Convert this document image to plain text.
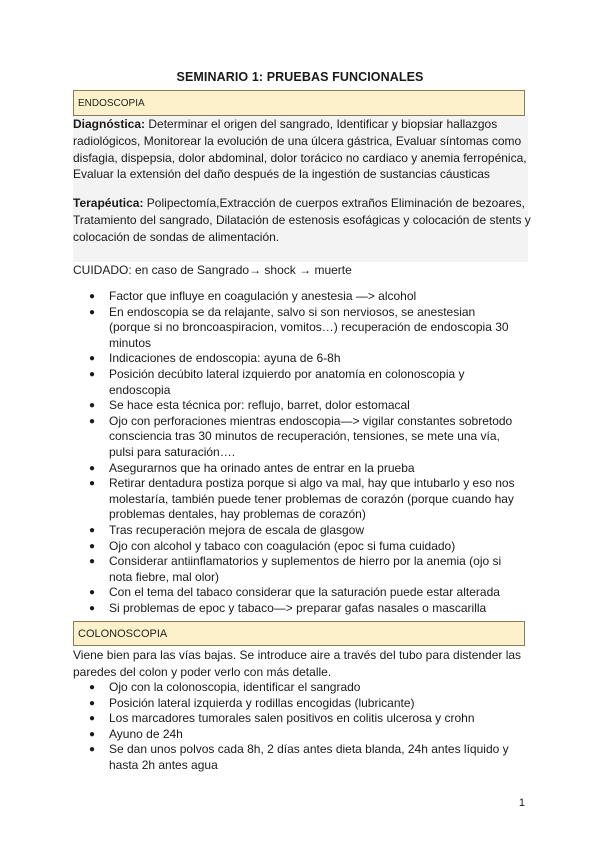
SEMINARIO 1: PRUEBAS FUNCIONALES
ENDOSCOPIA
Diagnóstica: Determinar el origen del sangrado, Identificar y biopsiar hallazgos radiológicos, Monitorear la evolución de una úlcera gástrica, Evaluar síntomas como disfagia, dispepsia, dolor abdominal, dolor torácico no cardiaco y anemia ferropénica, Evaluar la extensión del daño después de la ingestión de sustancias cáusticas
Terapéutica: Polipectomía,Extracción de cuerpos extraños Eliminación de bezoares, Tratamiento del sangrado, Dilatación de estenosis esofágicas y colocación de stents y colocación de sondas de alimentación.
CUIDADO: en caso de Sangrado→ shock → muerte
● Factor que influye en coagulación y anestesia —> alcohol
● En endoscopia se da relajante, salvo si son nerviosos, se anestesian (porque si no broncoaspiracion, vomitos…) recuperación de endoscopia 30 minutos
● Indicaciones de endoscopia: ayuna de 6-8h
● Posición decúbito lateral izquierdo por anatomía en colonoscopia y endoscopia
● Se hace esta técnica por: reflujo, barret, dolor estomacal
● Ojo con perforaciones mientras endoscopia—> vigilar constantes sobretodo consciencia tras 30 minutos de recuperación, tensiones, se mete una vía, pulsi para saturación….
● Asegurarnos que ha orinado antes de entrar en la prueba
● Retirar dentadura postiza porque si algo va mal, hay que intubarlo y eso nos molestaría, también puede tener problemas de corazón (porque cuando hay problemas dentales, hay problemas de corazón)
● Tras recuperación mejora de escala de glasgow
● Ojo con alcohol y tabaco con coagulación (epoc si fuma cuidado)
● Considerar antiinflamatorios y suplementos de hierro por la anemia (ojo si nota fiebre, mal olor)
● Con el tema del tabaco considerar que la saturación puede estar alterada
● Si problemas de epoc y tabaco—> preparar gafas nasales o mascarilla
COLONOSCOPIA
Viene bien para las vías bajas. Se introduce aire a través del tubo para distender las paredes del colon y poder verlo con más detalle.
● Ojo con la colonoscopia, identificar el sangrado
● Posición lateral izquierda y rodillas encogidas (lubricante)
● Los marcadores tumorales salen positivos en colitis ulcerosa y crohn
● Ayuno de 24h
● Se dan unos polvos cada 8h, 2 días antes dieta blanda, 24h antes líquido y hasta 2h antes agua
1
